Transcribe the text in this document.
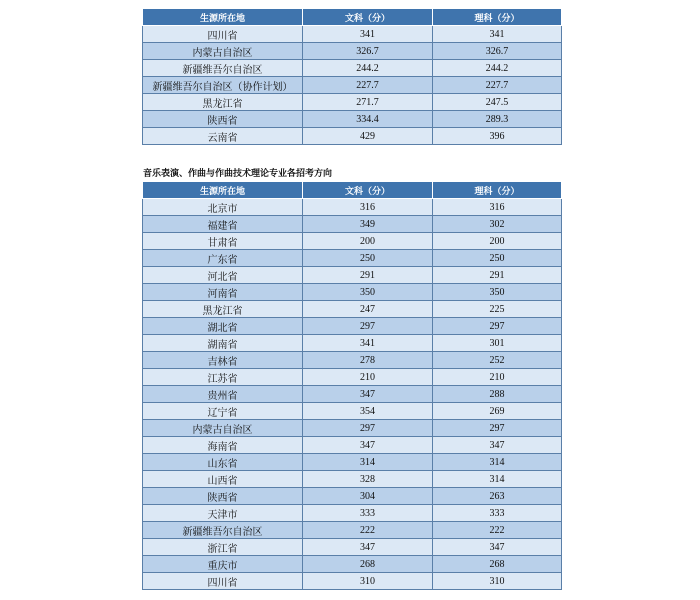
生源所在地	文科（分）	理科（分）
四川省	341	341
内蒙古自治区	326.7	326.7
新疆维吾尔自治区	244.2	244.2
新疆维吾尔自治区（协作计划）	227.7	227.7
黑龙江省	271.7	247.5
陕西省	334.4	289.3
云南省	429	396

音乐表演、作曲与作曲技术理论专业各招考方向

生源所在地	文科（分）	理科（分）
北京市	316	316
福建省	349	302
甘肃省	200	200
广东省	250	250
河北省	291	291
河南省	350	350
黑龙江省	247	225
湖北省	297	297
湖南省	341	301
吉林省	278	252
江苏省	210	210
贵州省	347	288
辽宁省	354	269
内蒙古自治区	297	297
海南省	347	347
山东省	314	314
山西省	328	314
陕西省	304	263
天津市	333	333
新疆维吾尔自治区	222	222
浙江省	347	347
重庆市	268	268
四川省	310	310
